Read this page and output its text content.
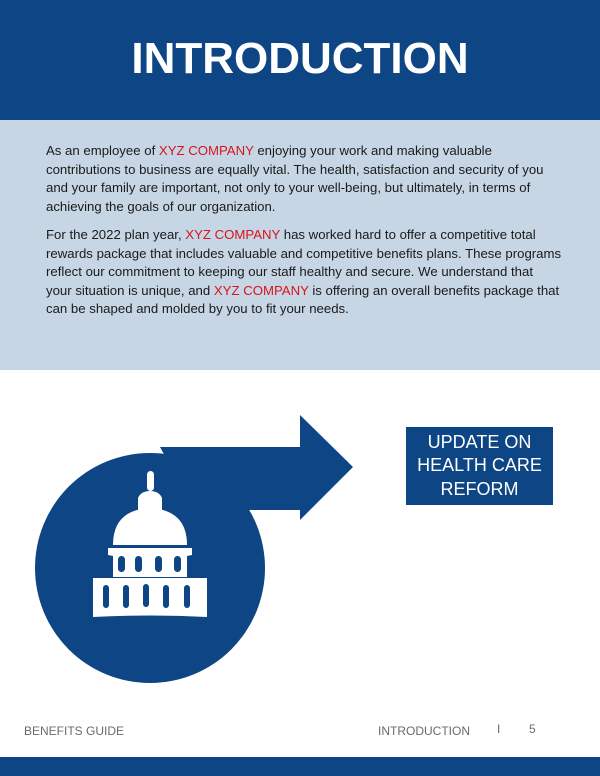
INTRODUCTION

As an employee of XYZ COMPANY enjoying your work and making valuable contributions to business are equally vital. The health, satisfaction and security of you and your family are important, not only to your well-being, but ultimately, in terms of achieving the goals of our organization.

For the 2022 plan year, XYZ COMPANY has worked hard to offer a competitive total rewards package that includes valuable and competitive benefits plans. These programs reflect our commitment to keeping our staff healthy and secure. We understand that your situation is unique, and XYZ COMPANY is offering an overall benefits package that can be shaped and molded by you to fit your needs.

UPDATE ON HEALTH CARE REFORM
BENEFITS GUIDE	INTRODUCTION I 5
